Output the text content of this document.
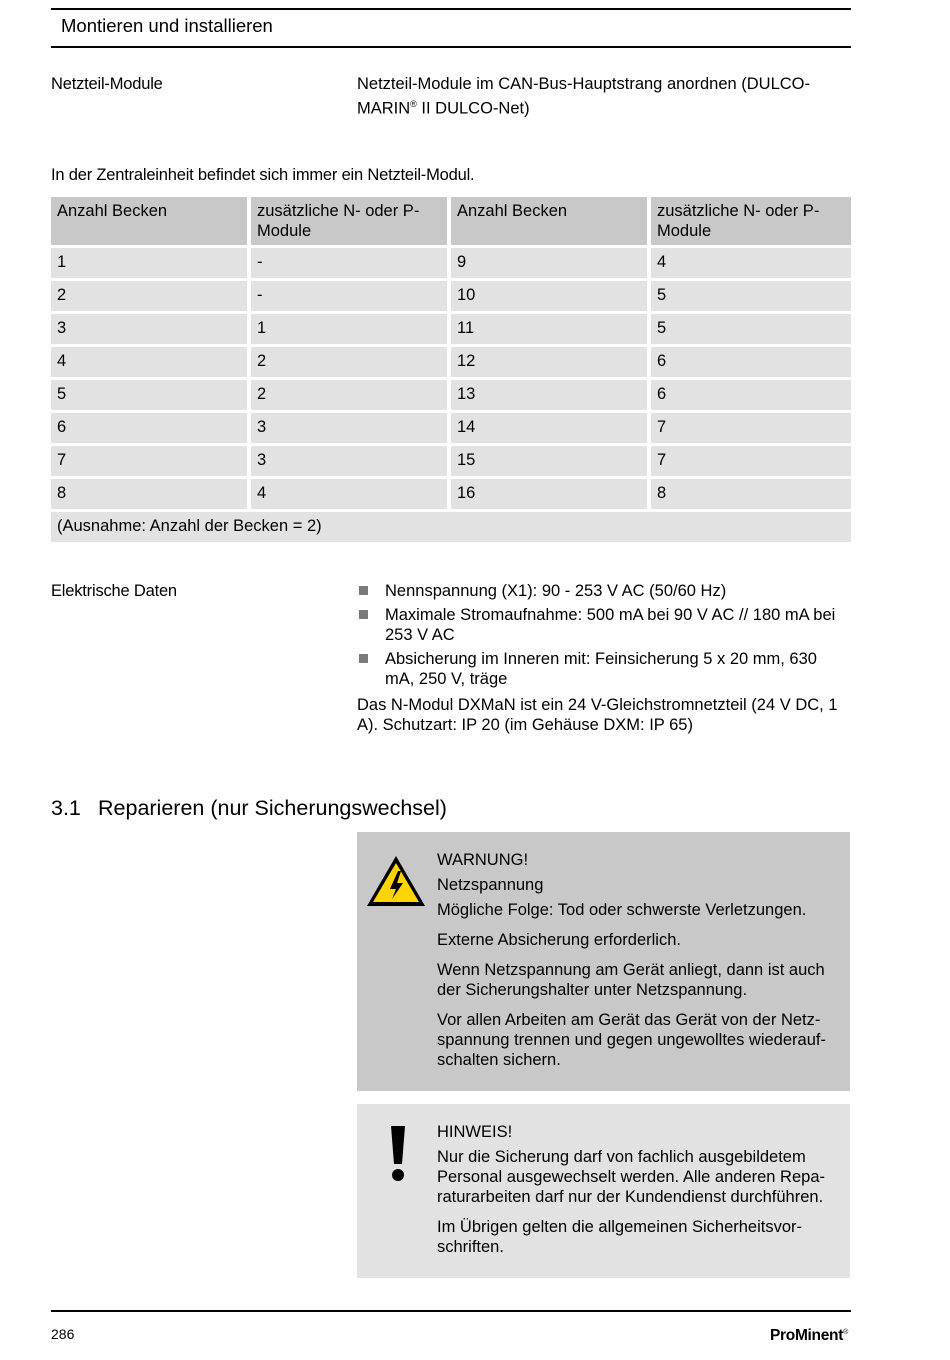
Montieren und installieren
Netzteil-Module	Netzteil-Module im CAN-Bus-Hauptstrang anordnen (DULCO-
MARIN® II DULCO-Net)
In der Zentraleinheit befindet sich immer ein Netzteil-Modul.
Anzahl Becken	zusätzliche N- oder P-Module	Anzahl Becken	zusätzliche N- oder P-Module
1	-	9	4
2	-	10	5
3	1	11	5
4	2	12	6
5	2	13	6
6	3	14	7
7	3	15	7
8	4	16	8
(Ausnahme: Anzahl der Becken = 2)			
Elektrische Daten	Nennspannung (X1): 90 - 253 V AC (50/60 Hz)
Maximale Stromaufnahme: 500 mA bei 90 V AC // 180 mA bei 253 V AC
Absicherung im Inneren mit: Feinsicherung 5 x 20 mm, 630 mA, 250 V, träge
Das N-Modul DXMaN ist ein 24 V-Gleichstromnetzteil (24 V DC, 1 A). Schutzart: IP 20 (im Gehäuse DXM: IP 65)
3.1 Reparieren (nur Sicherungswechsel)
WARNUNG!
Netzspannung

Mögliche Folge: Tod oder schwerste Verletzungen.

Externe Absicherung erforderlich.

Wenn Netzspannung am Gerät anliegt, dann ist auch der Sicherungshalter unter Netzspannung.

Vor allen Arbeiten am Gerät das Gerät von der Netzspannung trennen und gegen ungewolltes wiederaufschalten sichern.

HINWEIS!

Nur die Sicherung darf von fachlich ausgebildetem Personal ausgewechselt werden. Alle anderen Reparaturarbeiten darf nur der Kundendienst durchführen.

Im Übrigen gelten die allgemeinen Sicherheitsvorschriften.

286	ProMinent®
